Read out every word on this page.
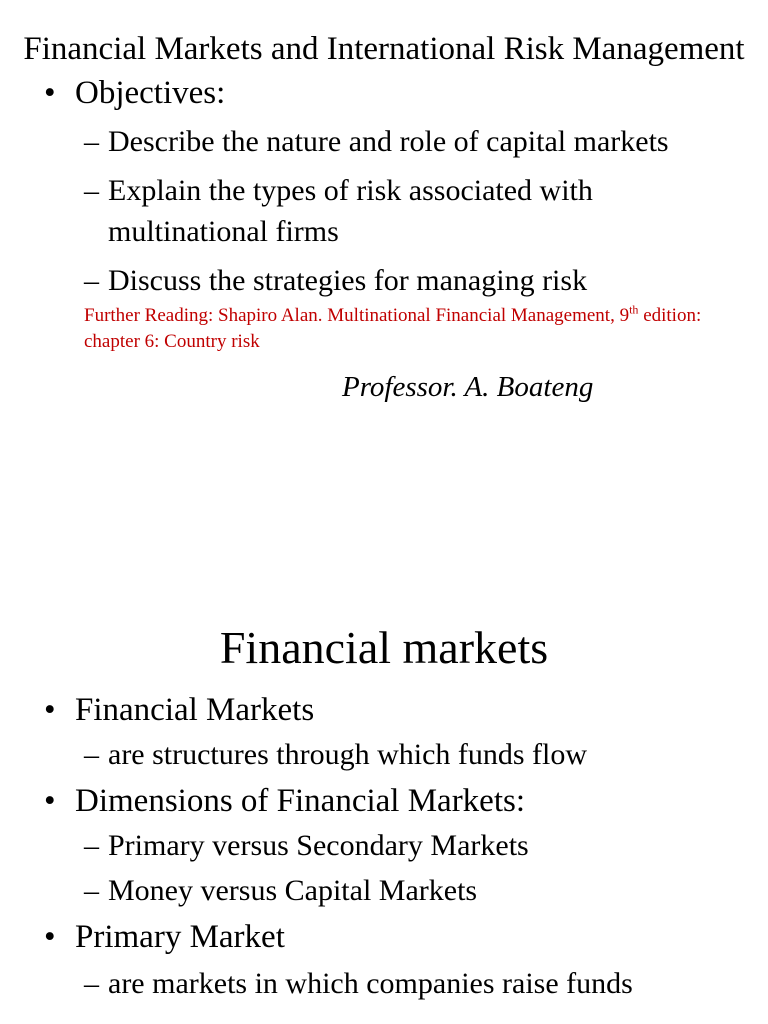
Financial Markets and International Risk Management
• Objectives:
– Describe the nature and role of capital markets
– Explain the types of risk associated with multinational firms
– Discuss the strategies for managing risk
Further Reading: Shapiro Alan. Multinational Financial Management, 9th edition: chapter 6: Country risk
Professor. A. Boateng
Financial markets
• Financial Markets
– are structures through which funds flow
• Dimensions of Financial Markets:
– Primary versus Secondary Markets
– Money versus Capital Markets
• Primary Market
– are markets in which companies raise funds
